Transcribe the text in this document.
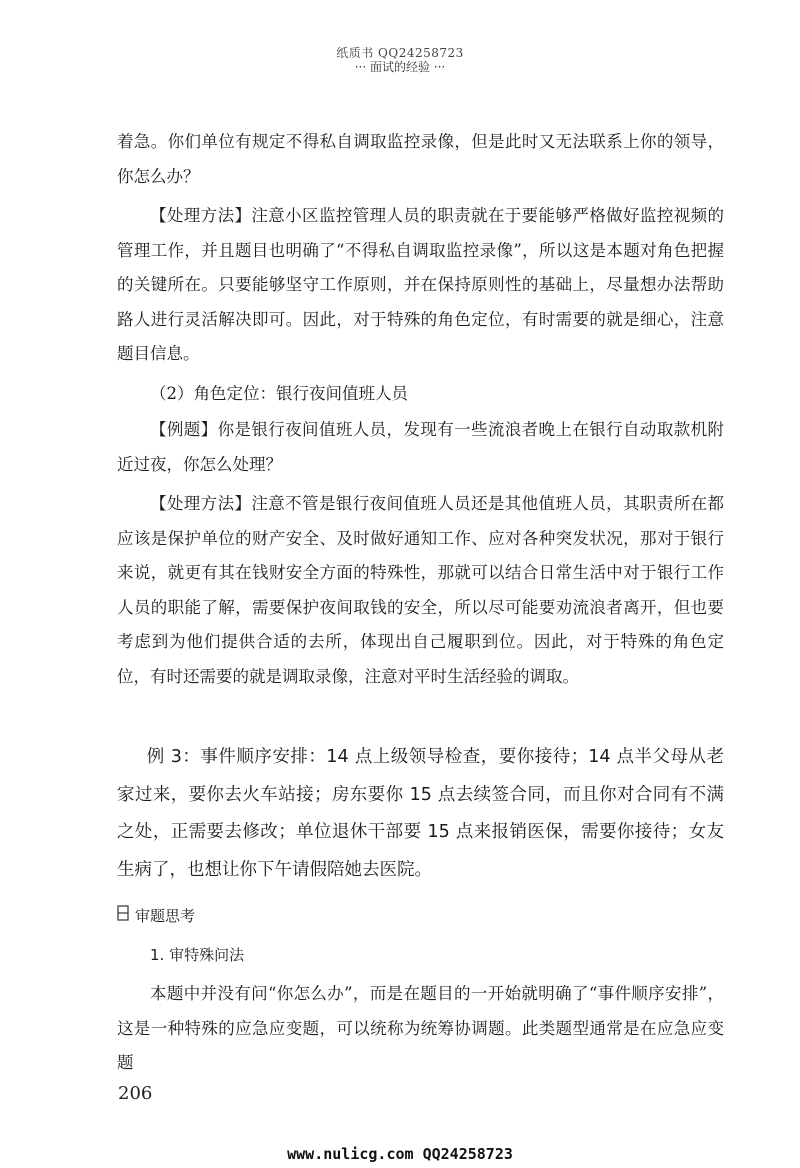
纸质书 QQ24258723
··· 面试的经验 ···
着急。你们单位有规定不得私自调取监控录像，但是此时又无法联系上你的领导，你怎么办？
【处理方法】注意小区监控管理人员的职责就在于要能够严格做好监控视频的管理工作，并且题目也明确了“不得私自调取监控录像”，所以这是本题对角色把握的关键所在。只要能够坚守工作原则，并在保持原则性的基础上，尽量想办法帮助路人进行灵活解决即可。因此，对于特殊的角色定位，有时需要的就是细心，注意题目信息。
（2）角色定位：银行夜间值班人员
【例题】你是银行夜间值班人员，发现有一些流浪者晚上在银行自动取款机附近过夜，你怎么处理？
【处理方法】注意不管是银行夜间值班人员还是其他值班人员，其职责所在都应该是保护单位的财产安全、及时做好通知工作、应对各种突发状况，那对于银行来说，就更有其在钱财安全方面的特殊性，那就可以结合日常生活中对于银行工作人员的职能了解，需要保护夜间取钱的安全，所以尽可能要劝流浪者离开，但也要考虑到为他们提供合适的去所，体现出自己履职到位。因此，对于特殊的角色定位，有时还需要的就是调取录像，注意对平时生活经验的调取。
例 3：事件顺序安排：14 点上级领导检查，要你接待；14 点半父母从老家过来，要你去火车站接；房东要你 15 点去续签合同，而且你对合同有不满之处，正需要去修改；单位退休干部要 15 点来报销医保，需要你接待；女友生病了，也想让你下午请假陪她去医院。
审题思考
1. 审特殊问法
本题中并没有问“你怎么办”，而是在题目的一开始就明确了“事件顺序安排”，这是一种特殊的应急应变题，可以统称为统筹协调题。此类题型通常是在应急应变题
206
www.nulicg.com QQ24258723
